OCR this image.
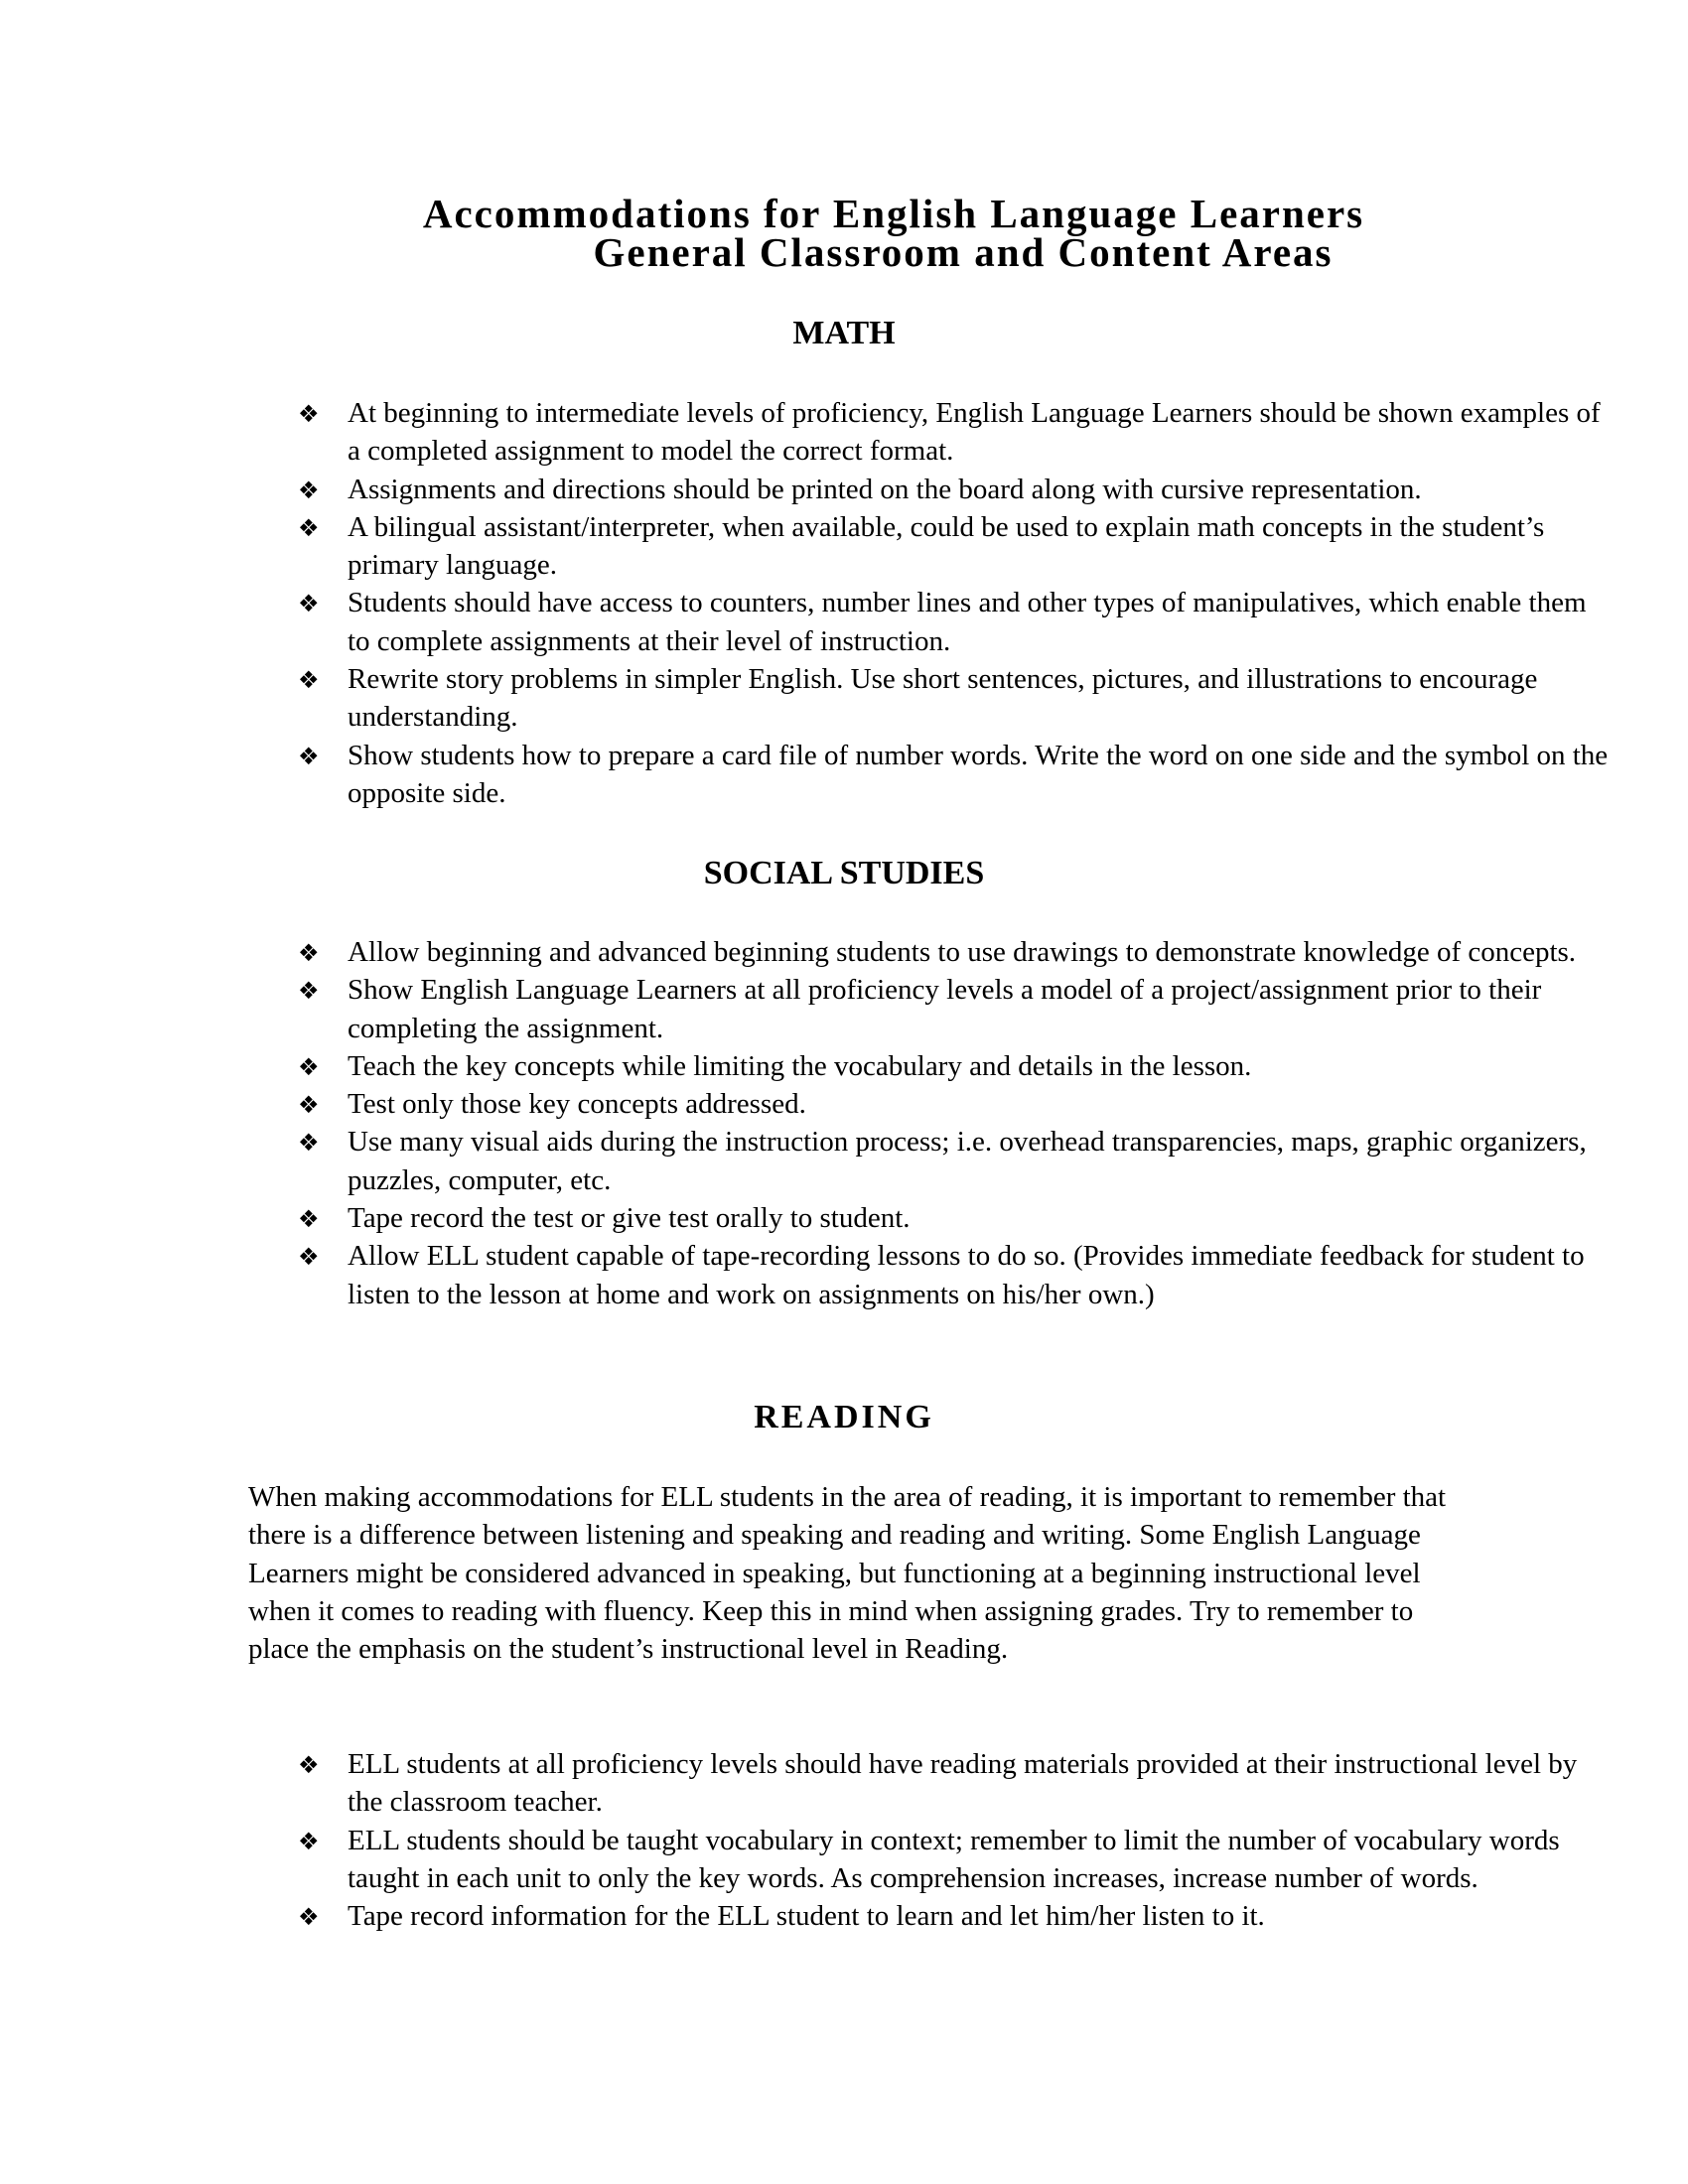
Accommodations for English Language Learners
General Classroom and Content Areas
MATH
❖ At beginning to intermediate levels of proficiency, English Language Learners should be shown examples of a completed assignment to model the correct format.
❖ Assignments and directions should be printed on the board along with cursive representation.
❖ A bilingual assistant/interpreter, when available, could be used to explain math concepts in the student’s primary language.
❖ Students should have access to counters, number lines and other types of manipulatives, which enable them to complete assignments at their level of instruction.
❖ Rewrite story problems in simpler English. Use short sentences, pictures, and illustrations to encourage understanding.
❖ Show students how to prepare a card file of number words. Write the word on one side and the symbol on the opposite side.
SOCIAL STUDIES
❖ Allow beginning and advanced beginning students to use drawings to demonstrate knowledge of concepts.
❖ Show English Language Learners at all proficiency levels a model of a project/assignment prior to their completing the assignment.
❖ Teach the key concepts while limiting the vocabulary and details in the lesson.
❖ Test only those key concepts addressed.
❖ Use many visual aids during the instruction process; i.e. overhead transparencies, maps, graphic organizers, puzzles, computer, etc.
❖ Tape record the test or give test orally to student.
❖ Allow ELL student capable of tape-recording lessons to do so. (Provides immediate feedback for student to listen to the lesson at home and work on assignments on his/her own.)
READING

When making accommodations for ELL students in the area of reading, it is important to remember that there is a difference between listening and speaking and reading and writing. Some English Language Learners might be considered advanced in speaking, but functioning at a beginning instructional level when it comes to reading with fluency. Keep this in mind when assigning grades. Try to remember to place the emphasis on the student’s instructional level in Reading.

❖ ELL students at all proficiency levels should have reading materials provided at their instructional level by the classroom teacher.
❖ ELL students should be taught vocabulary in context; remember to limit the number of vocabulary words taught in each unit to only the key words. As comprehension increases, increase number of words.
❖ Tape record information for the ELL student to learn and let him/her listen to it.
